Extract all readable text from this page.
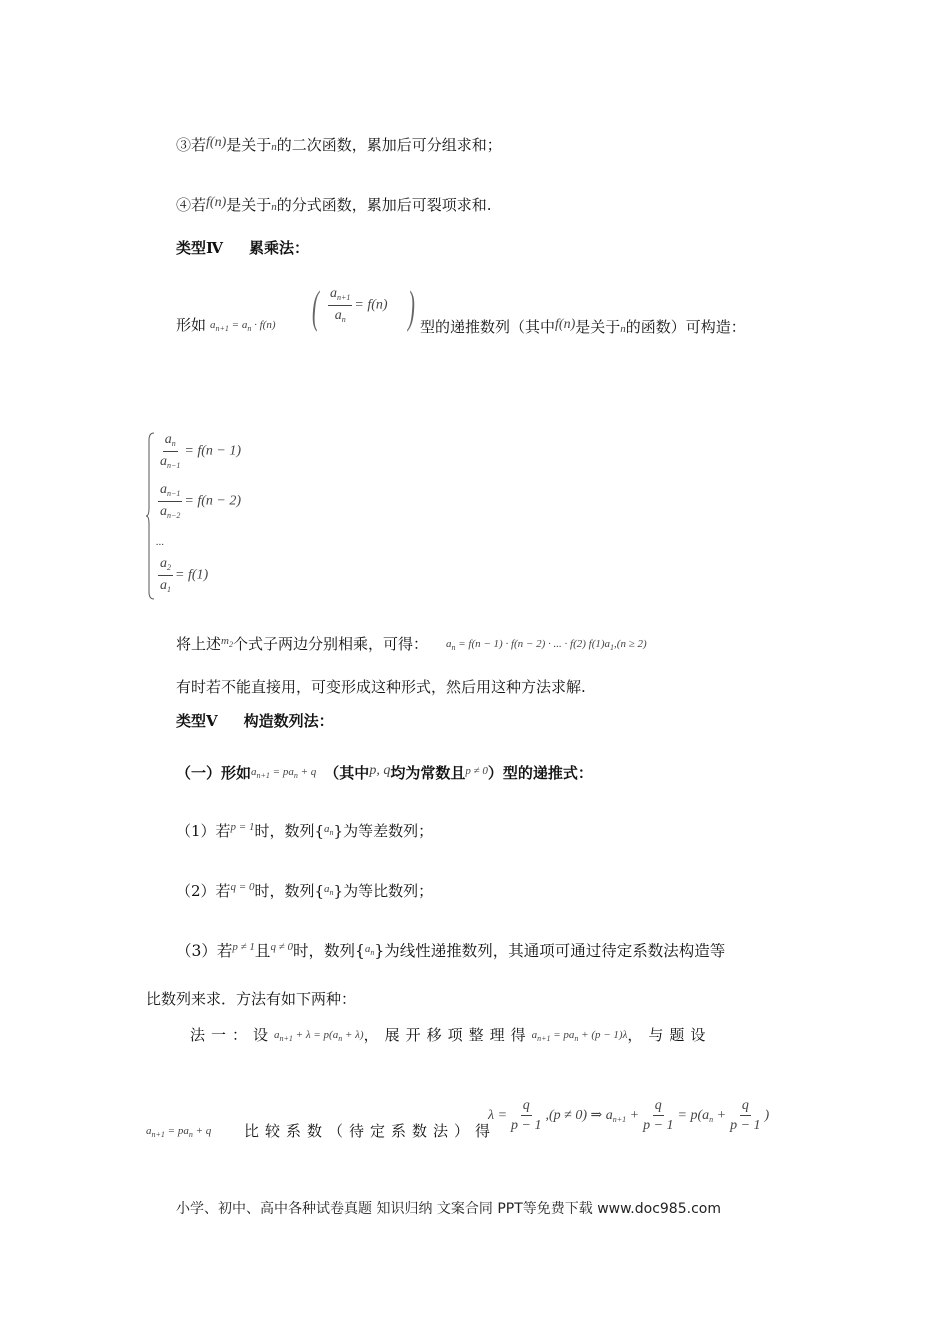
③若f(n)是关于n的二次函数，累加后可分组求和；
④若f(n)是关于n的分式函数，累加后可裂项求和.
类型Ⅳ 累乘法：
形如 $a_{n+1} = a_n \cdot f(n)$ ( $\frac{a_{n+1}}{a_n} = f(n)$ ) 型的递推数列（其中f(n)是关于n的函数）可构造：
$\frac{a_n}{a_{n-1}} = f(n - 1)$
$\frac{a_{n-1}}{a_{n-2}} = f(n - 2)$
...
$\frac{a_2}{a_1} = f(1)$
将上述$^{m_2}$个式子两边分别相乘，可得： $a_n = f(n - 1) \cdot f(n - 2)$ · ... · f(2) $f(1)a_1,(n \ge 2)$
有时若不能直接用，可变形成这种形式，然后用这种方法求解.
类型Ⅴ 构造数列法：
（一）形如$^{a_{n+1} = pa_n + q}$ （其中p, q均为常数且$^{p \ne 0}$）型的递推式：
（1）若$^{p = 1}$时，数列{$^{a_n}$}为等差数列；
（2）若$^{q = 0}$时，数列{$^{a_n}$}为等比数列；
（3）若$^{p \ne 1}$且$^{q \ne 0}$时，数列{$^{a_n}$}为线性递推数列，其通项可通过待定系数法构造等
比数列来求．方法有如下两种：
法一：设$a_{n+1} + \lambda = p(a_n + \lambda)$，展开移项整理得$a_{n+1} = pa_n + (p - 1)\lambda$，与题设
$a_{n+1} = pa_n + q$ 比较系数（待定系数法）得
$\lambda = \frac{q}{p - 1} ,(p \ne 0)$ ⇒ $a_{n+1} + \frac{q}{p - 1} = p(a_n + \frac{q}{p - 1}$ )
小学、初中、高中各种试卷真题 知识归纳 文案合同 PPT等免费下载 www.doc985.com
